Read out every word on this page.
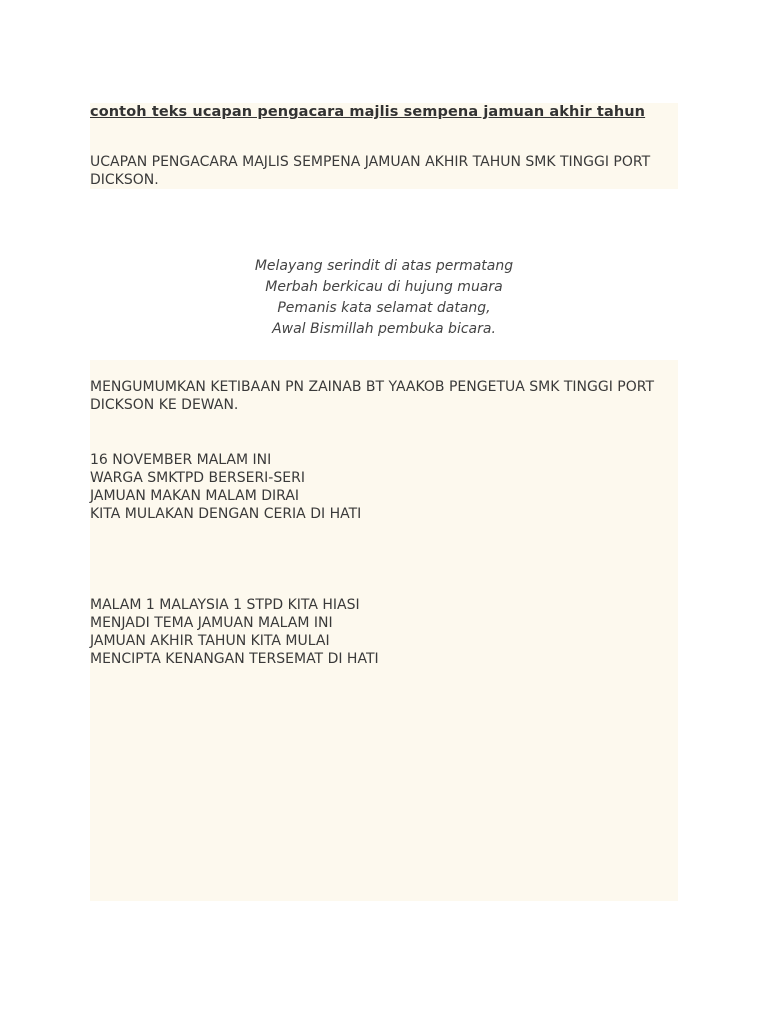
contoh teks ucapan pengacara majlis sempena jamuan akhir tahun

UCAPAN PENGACARA MAJLIS SEMPENA JAMUAN AKHIR TAHUN SMK TINGGI PORT DICKSON.

Melayang serindit di atas permatang
Merbah berkicau di hujung muara
Pemanis kata selamat datang,
Awal Bismillah pembuka bicara.

MENGUMUMKAN KETIBAAN PN ZAINAB BT YAAKOB PENGETUA SMK TINGGI PORT DICKSON KE DEWAN.

16 NOVEMBER MALAM INI
WARGA SMKTPD BERSERI-SERI
JAMUAN MAKAN MALAM DIRAI
KITA MULAKAN DENGAN CERIA DI HATI
MALAM 1 MALAYSIA 1 STPD KITA HIASI
MENJADI TEMA JAMUAN MALAM INI
JAMUAN AKHIR TAHUN KITA MULAI
MENCIPTA KENANGAN TERSEMAT DI HATI
